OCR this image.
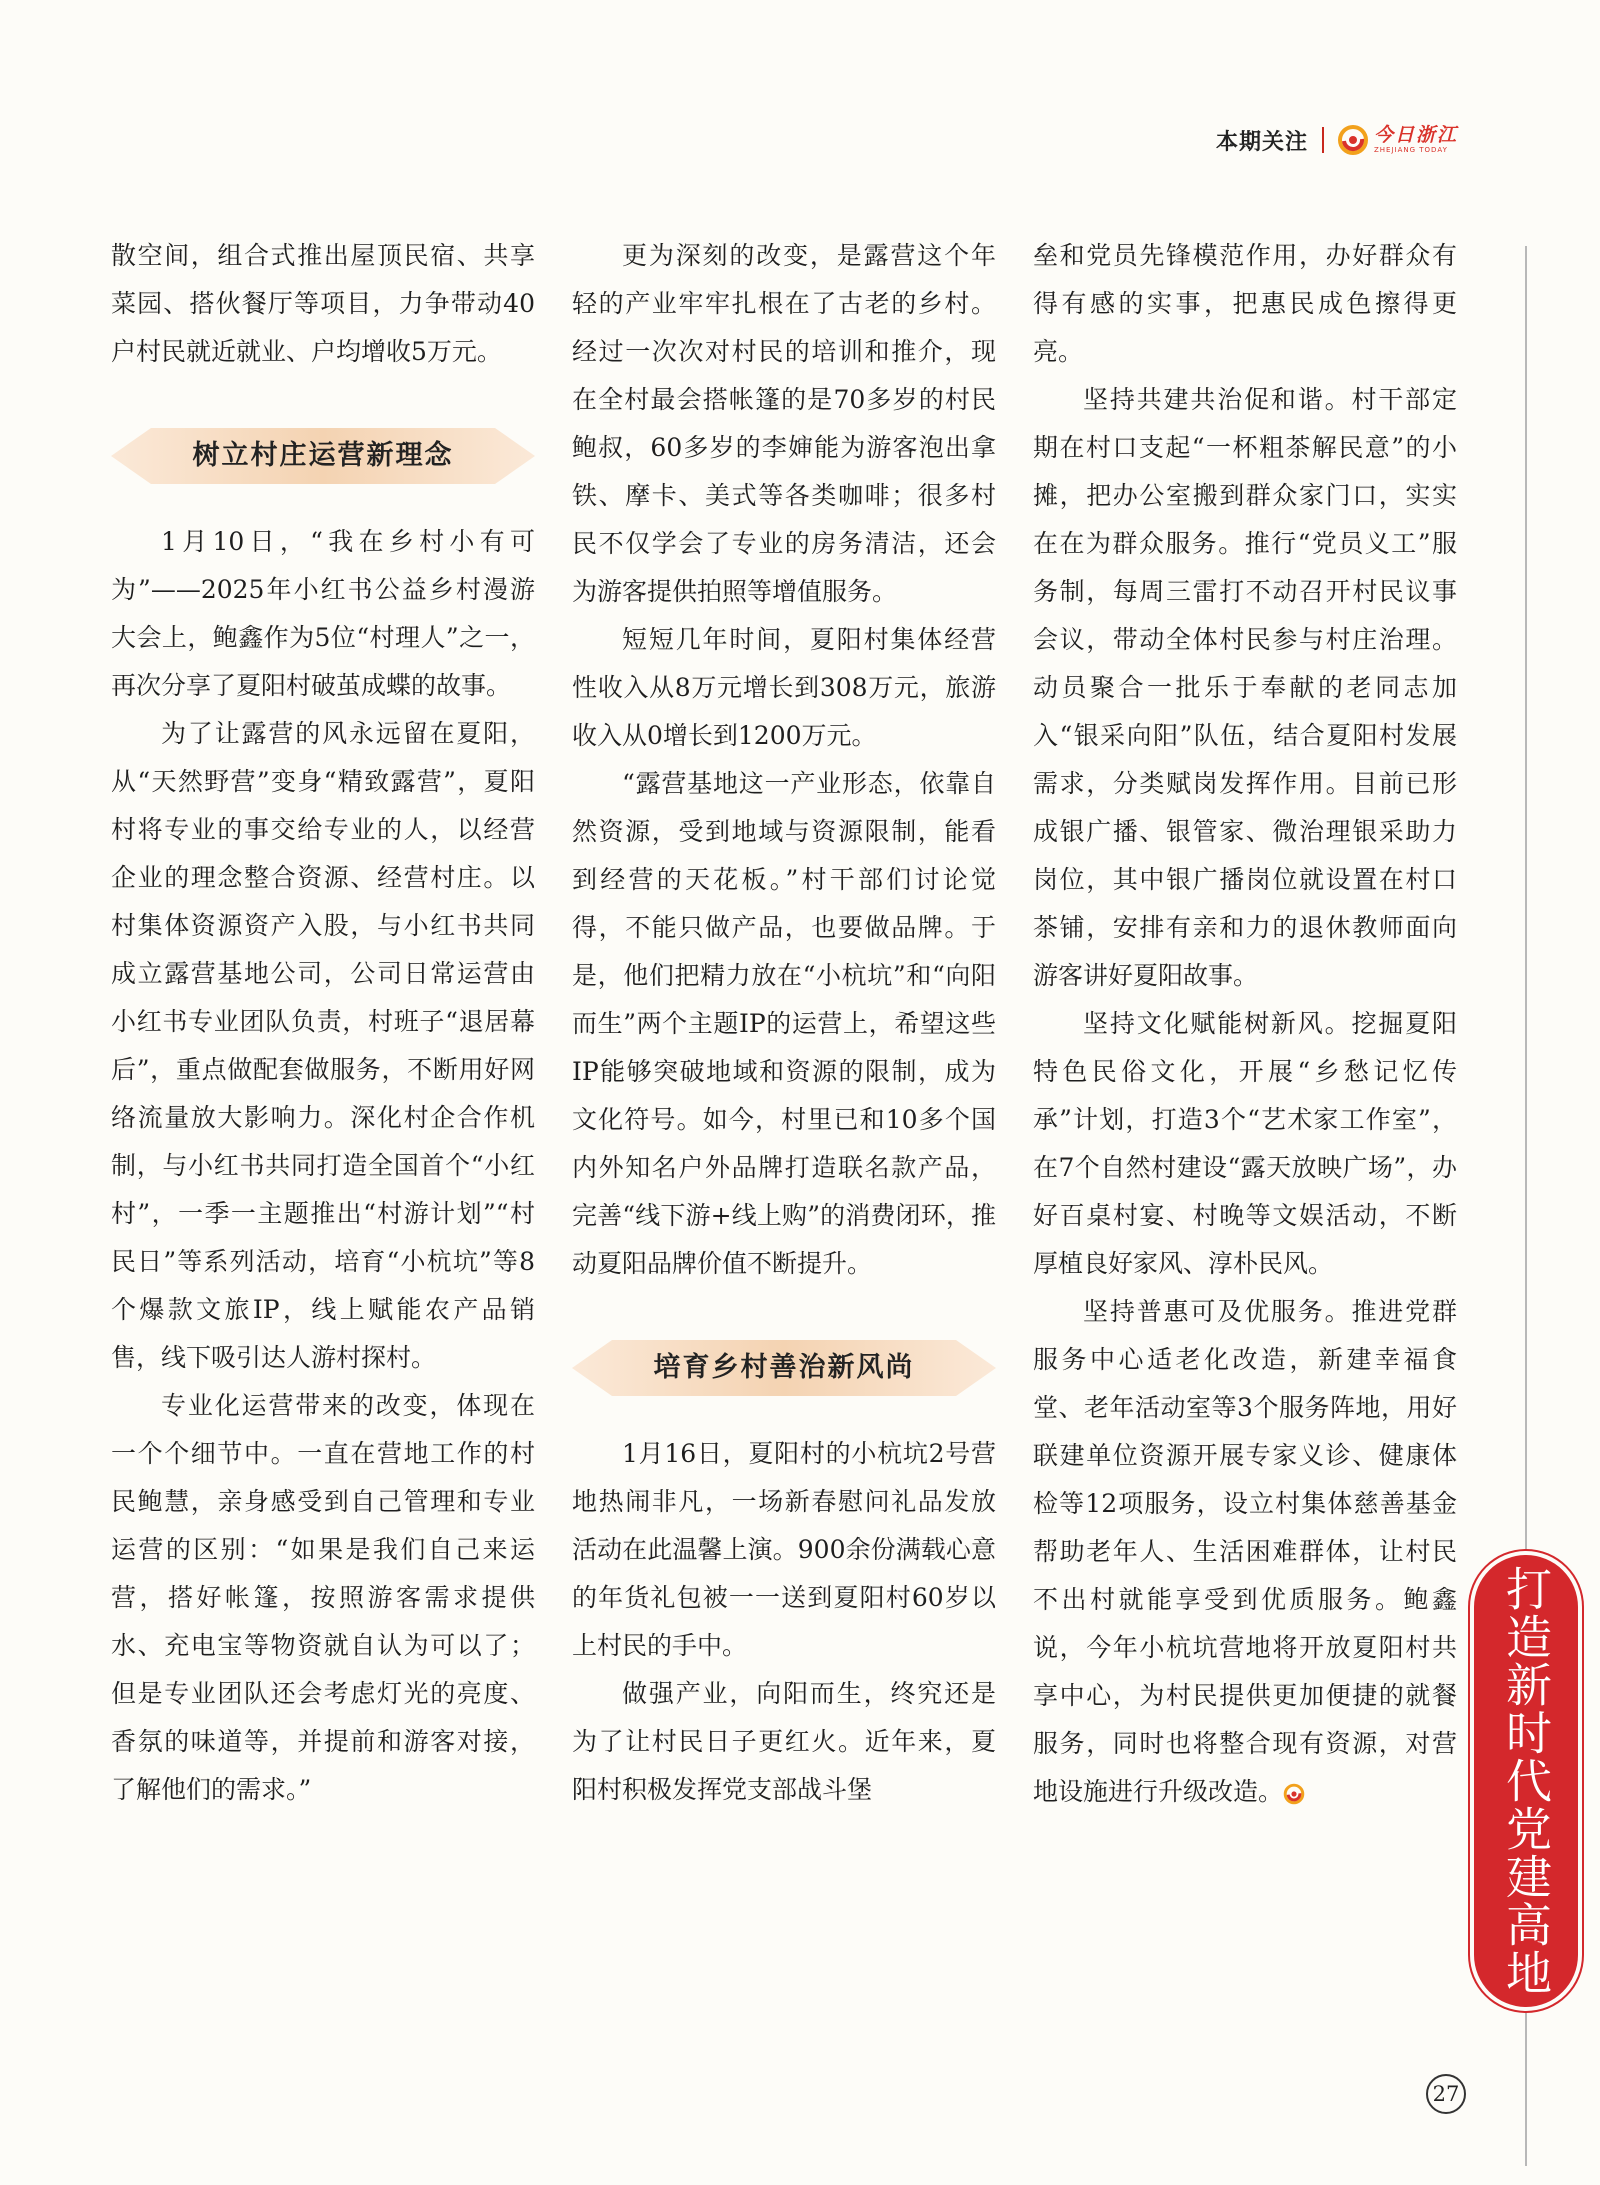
本期关注	今日浙江
ZHEJIANG TODAY

散空间，组合式推出屋顶民宿、共享菜园、搭伙餐厅等项目，力争带动40户村民就近就业、户均增收5万元。

树立村庄运营新理念

1月10日，“我在乡村小有可为”——2025年小红书公益乡村漫游大会上，鲍鑫作为5位“村理人”之一，再次分享了夏阳村破茧成蝶的故事。

为了让露营的风永远留在夏阳，从“天然野营”变身“精致露营”，夏阳村将专业的事交给专业的人，以经营企业的理念整合资源、经营村庄。以村集体资源资产入股，与小红书共同成立露营基地公司，公司日常运营由小红书专业团队负责，村班子“退居幕后”，重点做配套做服务，不断用好网络流量放大影响力。深化村企合作机制，与小红书共同打造全国首个“小红村”，一季一主题推出“村游计划”“村民日”等系列活动，培育“小杭坑”等8个爆款文旅IP，线上赋能农产品销售，线下吸引达人游村探村。

专业化运营带来的改变，体现在一个个细节中。一直在营地工作的村民鲍慧，亲身感受到自己管理和专业运营的区别：“如果是我们自己来运营，搭好帐篷，按照游客需求提供水、充电宝等物资就自认为可以了；但是专业团队还会考虑灯光的亮度、香氛的味道等，并提前和游客对接，了解他们的需求。”

更为深刻的改变，是露营这个年轻的产业牢牢扎根在了古老的乡村。经过一次次对村民的培训和推介，现在全村最会搭帐篷的是70多岁的村民鲍叔，60多岁的李婶能为游客泡出拿铁、摩卡、美式等各类咖啡；很多村民不仅学会了专业的房务清洁，还会为游客提供拍照等增值服务。

短短几年时间，夏阳村集体经营性收入从8万元增长到308万元，旅游收入从0增长到1200万元。

“露营基地这一产业形态，依靠自然资源，受到地域与资源限制，能看到经营的天花板。”村干部们讨论觉得，不能只做产品，也要做品牌。于是，他们把精力放在“小杭坑”和“向阳而生”两个主题IP的运营上，希望这些IP能够突破地域和资源的限制，成为文化符号。如今，村里已和10多个国内外知名户外品牌打造联名款产品，完善“线下游+线上购”的消费闭环，推动夏阳品牌价值不断提升。

培育乡村善治新风尚

1月16日，夏阳村的小杭坑2号营地热闹非凡，一场新春慰问礼品发放活动在此温馨上演。900余份满载心意的年货礼包被一一送到夏阳村60岁以上村民的手中。

做强产业，向阳而生，终究还是为了让村民日子更红火。近年来，夏阳村积极发挥党支部战斗堡

垒和党员先锋模范作用，办好群众有得有感的实事，把惠民成色擦得更亮。

坚持共建共治促和谐。村干部定期在村口支起“一杯粗茶解民意”的小摊，把办公室搬到群众家门口，实实在在为群众服务。推行“党员义工”服务制，每周三雷打不动召开村民议事会议，带动全体村民参与村庄治理。动员聚合一批乐于奉献的老同志加入“银采向阳”队伍，结合夏阳村发展需求，分类赋岗发挥作用。目前已形成银广播、银管家、微治理银采助力岗位，其中银广播岗位就设置在村口茶铺，安排有亲和力的退休教师面向游客讲好夏阳故事。

坚持文化赋能树新风。挖掘夏阳特色民俗文化，开展“乡愁记忆传承”计划，打造3个“艺术家工作室”，在7个自然村建设“露天放映广场”，办好百桌村宴、村晚等文娱活动，不断厚植良好家风、淳朴民风。

坚持普惠可及优服务。推进党群服务中心适老化改造，新建幸福食堂、老年活动室等3个服务阵地，用好联建单位资源开展专家义诊、健康体检等12项服务，设立村集体慈善基金帮助老年人、生活困难群体，让村民不出村就能享受到优质服务。鲍鑫说，今年小杭坑营地将开放夏阳村共享中心，为村民提供更加便捷的就餐服务，同时也将整合现有资源，对营地设施进行升级改造。	打造新时代党建高地
27
